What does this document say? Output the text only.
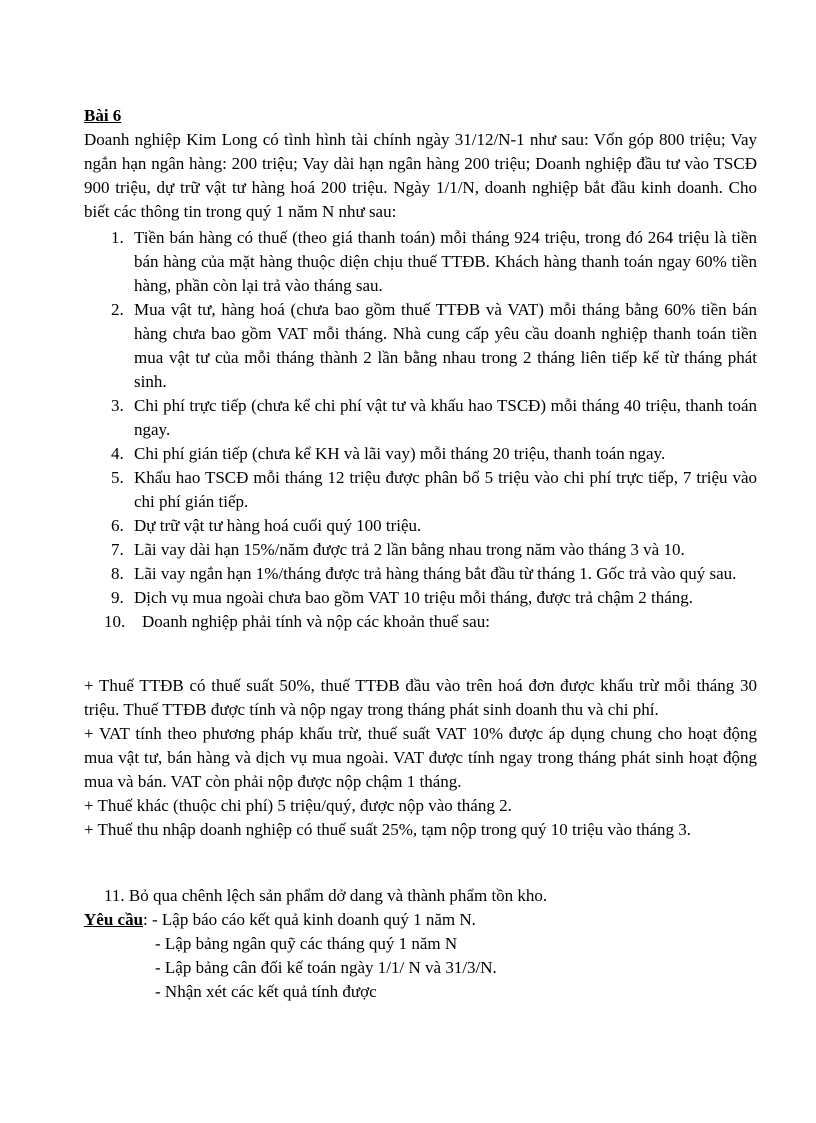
Bài 6

Doanh nghiệp Kim Long có tình hình tài chính ngày 31/12/N-1 như sau: Vốn góp 800 triệu; Vay ngắn hạn ngân hàng: 200 triệu; Vay dài hạn ngân hàng 200 triệu; Doanh nghiệp đầu tư vào TSCĐ 900 triệu, dự trữ vật tư hàng hoá 200 triệu. Ngày 1/1/N, doanh nghiệp bắt đầu kinh doanh. Cho biết các thông tin trong quý 1 năm N như sau:

1. Tiền bán hàng có thuế (theo giá thanh toán) mỗi tháng 924 triệu, trong đó 264 triệu là tiền bán hàng của mặt hàng thuộc diện chịu thuế TTĐB. Khách hàng thanh toán ngay 60% tiền hàng, phần còn lại trả vào tháng sau.
2. Mua vật tư, hàng hoá (chưa bao gồm thuế TTĐB và VAT) mỗi tháng bằng 60% tiền bán hàng chưa bao gồm VAT mỗi tháng. Nhà cung cấp yêu cầu doanh nghiệp thanh toán tiền mua vật tư của mỗi tháng thành 2 lần bằng nhau trong 2 tháng liên tiếp kể từ tháng phát sinh.
3. Chi phí trực tiếp (chưa kể chi phí vật tư và khấu hao TSCĐ) mỗi tháng 40 triệu, thanh toán ngay.
4. Chi phí gián tiếp (chưa kể KH và lãi vay) mỗi tháng 20 triệu, thanh toán ngay.
5. Khấu hao TSCĐ mỗi tháng 12 triệu được phân bổ 5 triệu vào chi phí trực tiếp, 7 triệu vào chi phí gián tiếp.
6. Dự trữ vật tư hàng hoá cuối quý 100 triệu.
7. Lãi vay dài hạn 15%/năm được trả 2 lần bằng nhau trong năm vào tháng 3 và 10.
8. Lãi vay ngắn hạn 1%/tháng được trả hàng tháng bắt đầu từ tháng 1. Gốc trả vào quý sau.
9. Dịch vụ mua ngoài chưa bao gồm VAT 10 triệu mỗi tháng, được trả chậm 2 tháng.
10. Doanh nghiệp phải tính và nộp các khoản thuế sau:

+ Thuế TTĐB có thuế suất 50%, thuế TTĐB đầu vào trên hoá đơn được khấu trừ mỗi tháng 30 triệu. Thuế TTĐB được tính và nộp ngay trong tháng phát sinh doanh thu và chi phí.

+ VAT tính theo phương pháp khấu trừ, thuế suất VAT 10% được áp dụng chung cho hoạt động mua vật tư, bán hàng và dịch vụ mua ngoài. VAT được tính ngay trong tháng phát sinh hoạt động mua và bán. VAT còn phải nộp được nộp chậm 1 tháng.

+ Thuế khác (thuộc chi phí) 5 triệu/quý, được nộp vào tháng 2.

+ Thuế thu nhập doanh nghiệp có thuế suất 25%, tạm nộp trong quý 10 triệu vào tháng 3.

11. Bỏ qua chênh lệch sản phẩm dở dang và thành phẩm tồn kho.
Yêu cầu: - Lập báo cáo kết quả kinh doanh quý 1 năm N.
- Lập bảng ngân quỹ các tháng quý 1 năm N
- Lập bảng cân đối kế toán ngày 1/1/ N và 31/3/N.
- Nhận xét các kết quả tính được
